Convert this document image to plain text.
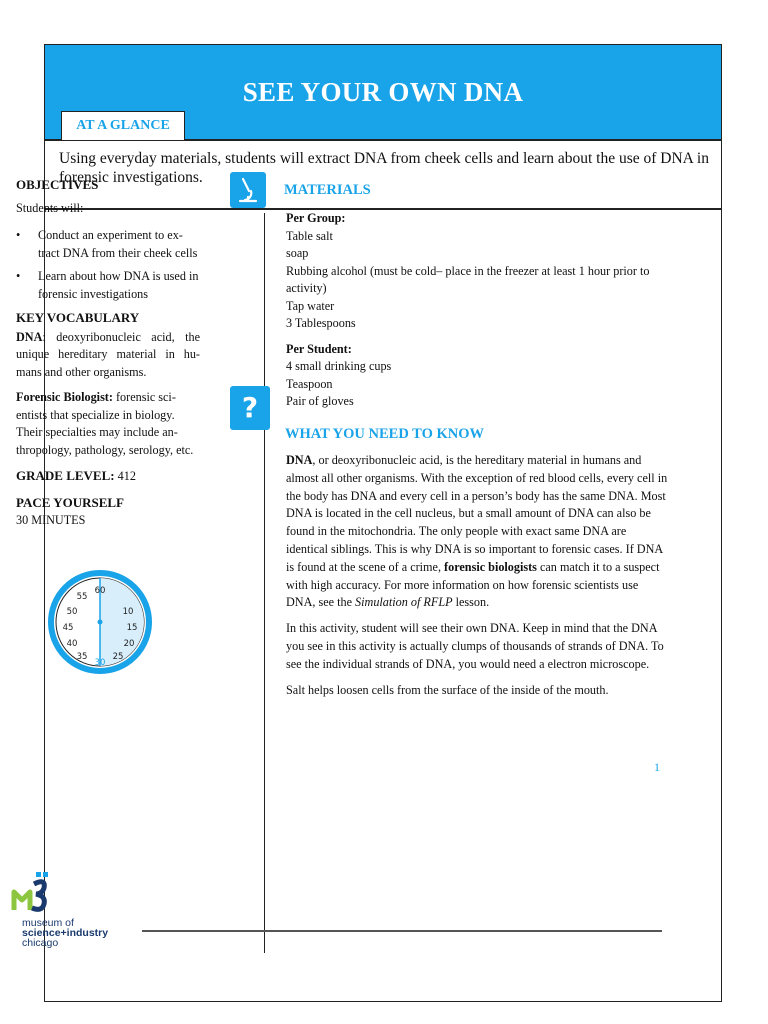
SEE YOUR OWN DNA
AT A GLANCE
Using everyday materials, students will extract DNA from cheek cells and learn about the use of DNA in forensic investigations.
OBJECTIVES

Students will:

• Conduct an experiment to ex- tract DNA from their cheek cells
• Learn about how DNA is used in forensic investigations
KEY VOCABULARY

DNA: deoxyribonucleic acid, the unique hereditary material in hu- mans and other organisms.

Forensic Biologist: forensic sci- entists that specialize in biology. Their specialties may include an- thropology, pathology, serology, etc.

GRADE LEVEL: 412
PACE YOURSELF
30 MINUTES
60
55
50
45
40
35
30
25
20
15
10
MATERIALS
Per Group:
Table salt
soap
Rubbing alcohol (must be cold– place in the freezer at least 1 hour prior to activity)
Tap water
3 Tablespoons
Per Student:
4 small drinking cups
Teaspoon
Pair of gloves
?
WHAT YOU NEED TO KNOW

DNA, or deoxyribonucleic acid, is the hereditary material in humans and almost all other organisms. With the exception of red blood cells, every cell in the body has DNA and every cell in a person’s body has the same DNA. Most DNA is located in the cell nucleus, but a small amount of DNA can also be found in the mitochondria. The only people with exact same DNA are identical siblings. This is why DNA is so important to forensic cases. If DNA is found at the scene of a crime, forensic biologists can match it to a suspect with high accuracy. For more information on how forensic scientists use DNA, see the Simulation of RFLP lesson.

In this activity, student will see their own DNA. Keep in mind that the DNA you see in this activity is actually clumps of thousands of strands of DNA. To see the individual strands of DNA, you would need a electron microscope.

Salt helps loosen cells from the surface of the inside of the mouth.

1
museum of
science+industry
chicago
